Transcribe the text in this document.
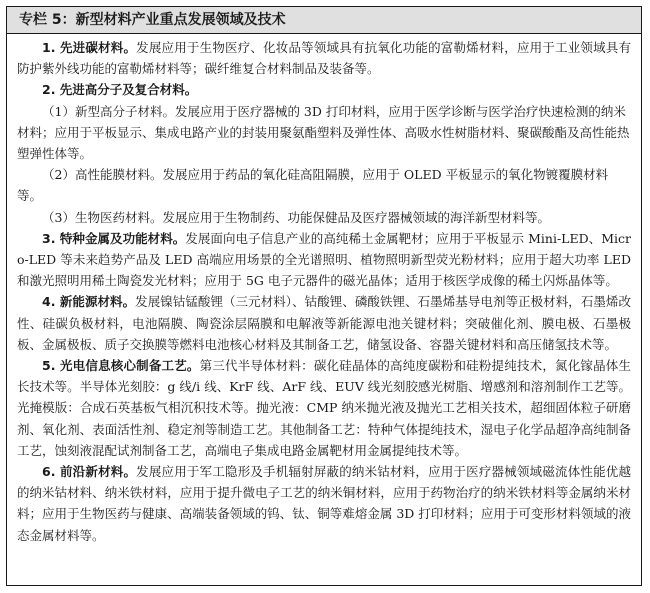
专栏 5：新型材料产业重点发展领域及技术

1. 先进碳材料。发展应用于生物医疗、化妆品等领域具有抗氧化功能的富勒烯材料，应用于工业领域具有防护紫外线功能的富勒烯材料等；碳纤维复合材料制品及装备等。

2. 先进高分子及复合材料。

（1）新型高分子材料。发展应用于医疗器械的 3D 打印材料，应用于医学诊断与医学治疗快速检测的纳米材料；应用于平板显示、集成电路产业的封装用聚氨酯塑料及弹性体、高吸水性树脂材料、聚碳酸酯及高性能热塑弹性体等。

（2）高性能膜材料。发展应用于药品的氧化硅高阻隔膜，应用于 OLED 平板显示的氧化物镀覆膜材料等。

（3）生物医药材料。发展应用于生物制药、功能保健品及医疗器械领域的海洋新型材料等。

3. 特种金属及功能材料。发展面向电子信息产业的高纯稀土金属靶材；应用于平板显示 Mini-LED、Micro-LED 等未来趋势产品及 LED 高端应用场景的全光谱照明、植物照明新型荧光粉材料；应用于超大功率 LED 和激光照明用稀土陶瓷发光材料；应用于 5G 电子元器件的磁光晶体；适用于核医学成像的稀土闪烁晶体等。

4. 新能源材料。发展镍钴锰酸锂（三元材料）、钴酸锂、磷酸铁锂、石墨烯基导电剂等正极材料，石墨烯改性、硅碳负极材料，电池隔膜、陶瓷涂层隔膜和电解液等新能源电池关键材料；突破催化剂、膜电极、石墨极板、金属极板、质子交换膜等燃料电池核心材料及其制备工艺，储氢设备、容器关键材料和高压储氢技术等。

5. 光电信息核心制备工艺。第三代半导体材料：碳化硅晶体的高纯度碳粉和硅粉提纯技术，氮化镓晶体生长技术等。半导体光刻胶：g 线/i 线、KrF 线、ArF 线、EUV 线光刻胶感光树脂、增感剂和溶剂制作工艺等。光掩模版：合成石英基板气相沉积技术等。抛光液：CMP 纳米抛光液及抛光工艺相关技术，超细固体粒子研磨剂、氧化剂、表面活性剂、稳定剂等制造工艺。其他制备工艺：特种气体提纯技术，湿电子化学品超净高纯制备工艺，蚀刻液混配试剂制备工艺，高端电子集成电路金属靶材用金属提纯技术等。

6. 前沿新材料。发展应用于军工隐形及手机辐射屏蔽的纳米钴材料，应用于医疗器械领域磁流体性能优越的纳米钴材料、纳米铁材料，应用于提升微电子工艺的纳米铜材料，应用于药物治疗的纳米铁材料等金属纳米材料；应用于生物医药与健康、高端装备领域的钨、钛、铜等难熔金属 3D 打印材料；应用于可变形材料领域的液态金属材料等。
